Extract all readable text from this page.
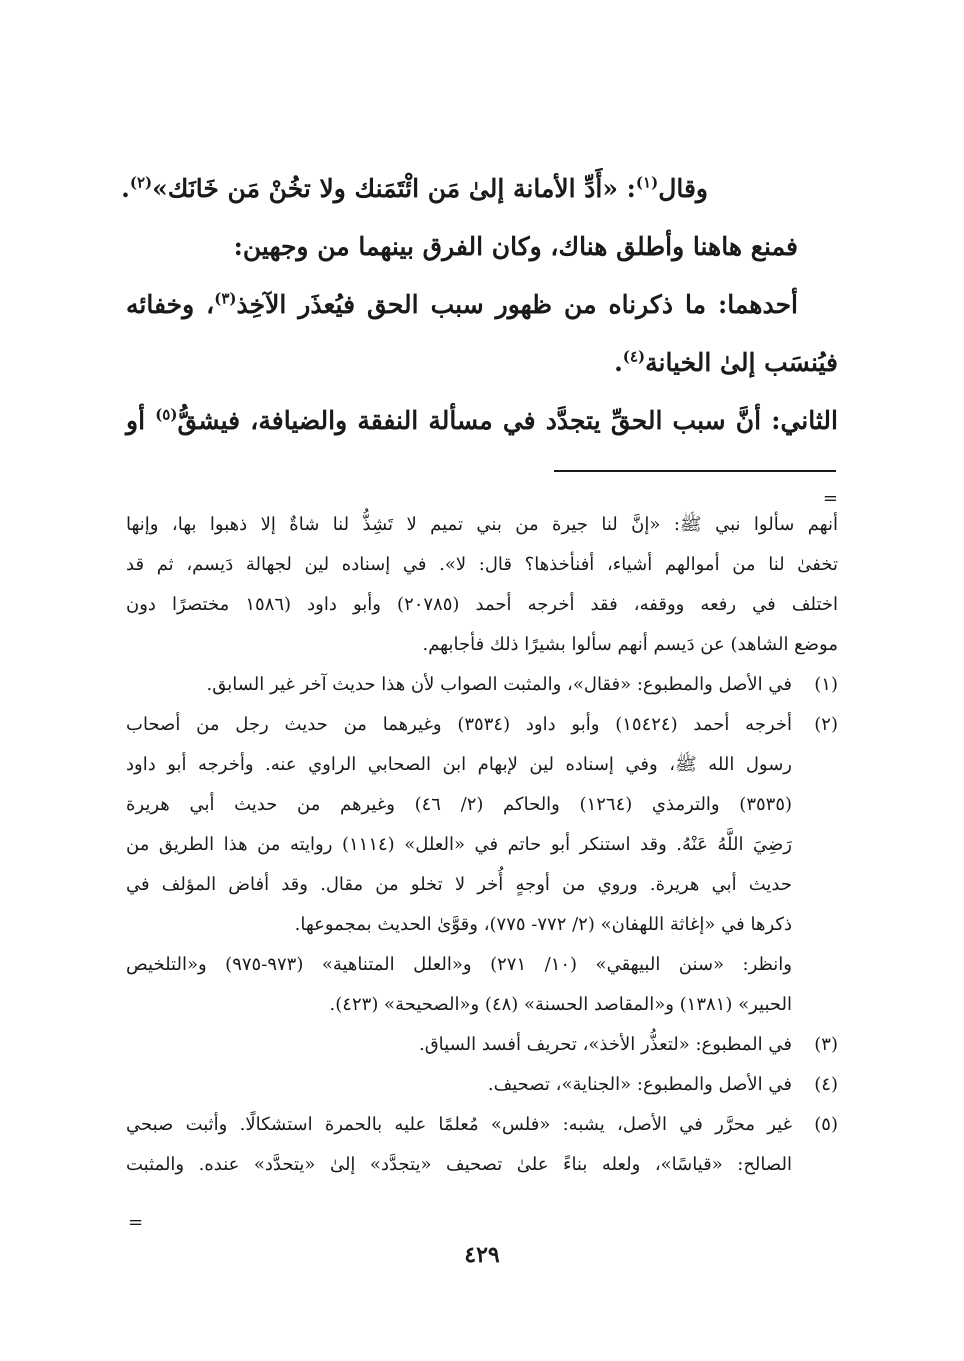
وقال$^{(١)}$: «أَدِّ الأمانة إلىٰ مَن ائْتَمَنك ولا تخُنْ مَن خَانَك»$^{(٢)}$.
فمنع هاهنا وأطلق هناك، وكان الفرق بينهما من وجهين:
أحدهما: ما ذكرناه من ظهور سبب الحق فيُعذَر الآخِذ$^{(٣)}$، وخفائه
فيُنسَب إلىٰ الخيانة$^{(٤)}$.
الثاني: أنَّ سبب الحقِّ يتجدَّد في مسألة النفقة والضيافة، فيشقُّ$^{(٥)}$ أو
=
أنهم سألوا نبي ﷺ: «إنَّ لنا جيرة من بني تميم لا تَشِذُّ لنا شاةٌ إلا ذهبوا بها، وإنها
تخفىٰ لنا من أموالهم أشياء، أفنأخذها؟ قال: لا». في إسناده لين لجهالة دَيسم، ثم قد
اختلف في رفعه ووقفه، فقد أخرجه أحمد (٢٠٧٨٥) وأبو داود (١٥٨٦ مختصرًا دون
موضع الشاهد) عن دَيسم أنهم سألوا بشيرًا ذلك فأجابهم.
(١)
في الأصل والمطبوع: «فقال»، والمثبت الصواب لأن هذا حديث آخر غير السابق.
(٢)
أخرجه أحمد (١٥٤٢٤) وأبو داود (٣٥٣٤) وغيرهما من حديث رجل من أصحاب
رسول الله ﷺ، وفي إسناده لين لإبهام ابن الصحابي الراوي عنه. وأخرجه أبو داود
(٣٥٣٥) والترمذي (١٢٦٤) والحاكم (٢/ ٤٦) وغيرهم من حديث أبي هريرة
رَضِيَ اللَّهُ عَنْهُ. وقد استنكر أبو حاتم في «العلل» (١١١٤) روايته من هذا الطريق من
حديث أبي هريرة. وروي من أوجهٍ أُخر لا تخلو من مقال. وقد أفاض المؤلف في
ذكرها في «إغاثة اللهفان» (٢/ ٧٧٢- ٧٧٥)، وقوَّىٰ الحديث بمجموعها.
وانظر: «سنن البيهقي» (١٠/ ٢٧١) و«العلل المتناهية» (٩٧٣-٩٧٥) و«التلخيص
الحبير» (١٣٨١) و«المقاصد الحسنة» (٤٨) و«الصحيحة» (٤٢٣).
(٣)
في المطبوع: «لتعذُّر الأخذ»، تحريف أفسد السياق.
(٤)
في الأصل والمطبوع: «الجناية»، تصحيف.
(٥)
غير محرَّر في الأصل، يشبه: «فلس» مُعلمًا عليه بالحمرة استشكالًا. وأثبت صبحي
الصالح: «قياسًا»، ولعله بناءً علىٰ تصحيف «يتجدَّد» إلىٰ «يتحدَّد» عنده. والمثبت
=
٤٢٩
